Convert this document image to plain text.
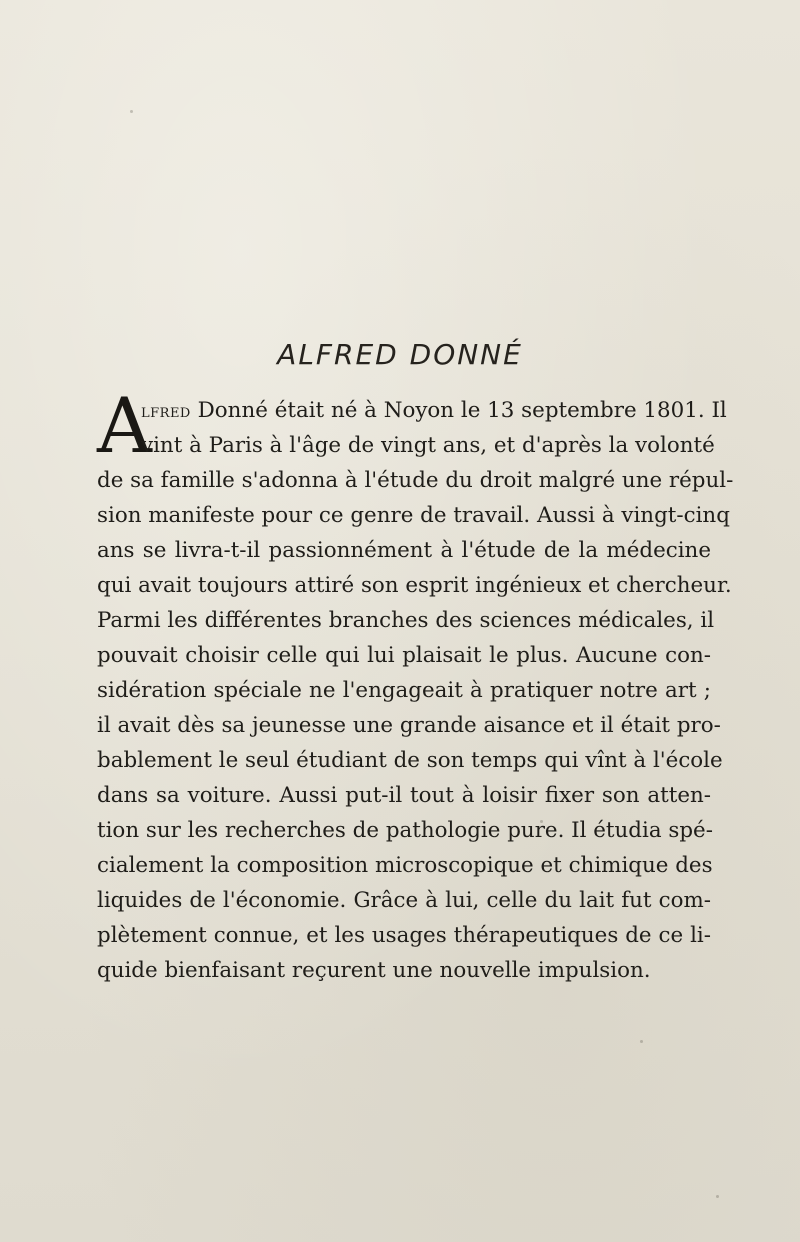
ALFRED DONNÉ
A
lfred Donné était né à Noyon le 13 septembre 1801. Il
vint à Paris à l'âge de vingt ans, et d'après la volonté
de sa famille s'adonna à l'étude du droit malgré une répul-
sion manifeste pour ce genre de travail. Aussi à vingt-cinq
ans se livra-t-il passionnément à l'étude de la médecine
qui avait toujours attiré son esprit ingénieux et chercheur.
Parmi les différentes branches des sciences médicales, il
pouvait choisir celle qui lui plaisait le plus. Aucune con-
sidération spéciale ne l'engageait à pratiquer notre art ;
il avait dès sa jeunesse une grande aisance et il était pro-
bablement le seul étudiant de son temps qui vînt à l'école
dans sa voiture. Aussi put-il tout à loisir fixer son atten-
tion sur les recherches de pathologie pure. Il étudia spé-
cialement la composition microscopique et chimique des
liquides de l'économie. Grâce à lui, celle du lait fut com-
plètement connue, et les usages thérapeutiques de ce li-
quide bienfaisant reçurent une nouvelle impulsion.
